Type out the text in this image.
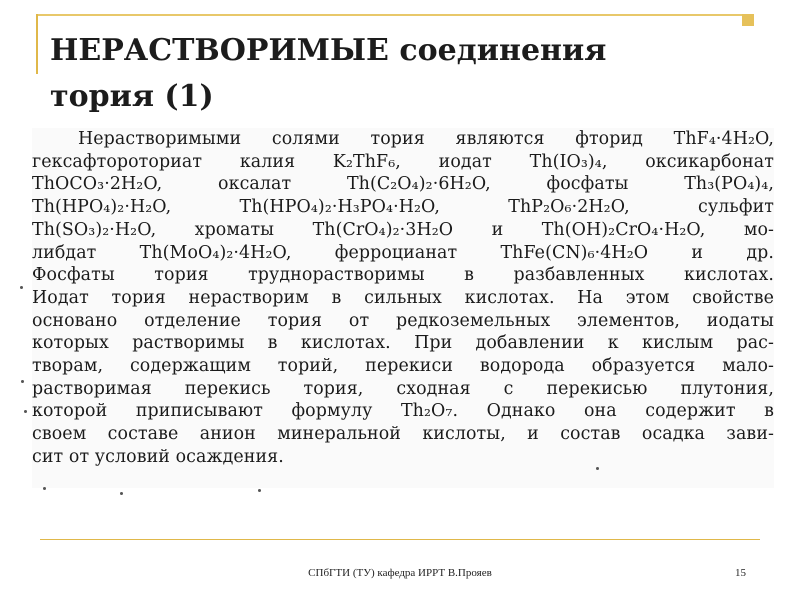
НЕРАСТВОРИМЫЕ соединения
тория (1)

Нерастворимыми солями тория являются фторид ThF₄·4H₂O,

гексафтороториат калия K₂ThF₆, иодат Th(IO₃)₄, оксикарбонат

ThOCO₃·2H₂O, оксалат Th(C₂O₄)₂·6H₂O, фосфаты Th₃(PO₄)₄,

Th(HPO₄)₂·H₂O, Th(HPO₄)₂·H₃PO₄·H₂O, ThP₂O₆·2H₂O, сульфит

Th(SO₃)₂·H₂O, хроматы Th(CrO₄)₂·3H₂O и Th(OH)₂CrO₄·H₂O, мо-

либдат Th(MoO₄)₂·4H₂O, ферроцианат ThFe(CN)₆·4H₂O и др.

Фосфаты тория труднорастворимы в разбавленных кислотах.

Иодат тория нерастворим в сильных кислотах. На этом свойстве

основано отделение тория от редкоземельных элементов, иодаты

которых растворимы в кислотах. При добавлении к кислым рас-

творам, содержащим торий, перекиси водорода образуется мало-

растворимая перекись тория, сходная с перекисью плутония,

которой приписывают формулу Th₂O₇. Однако она содержит в

своем составе анион минеральной кислоты, и состав осадка зави-

сит от условий осаждения.

СПбГТИ (ТУ) кафедра ИРРТ В.Прояев	15
